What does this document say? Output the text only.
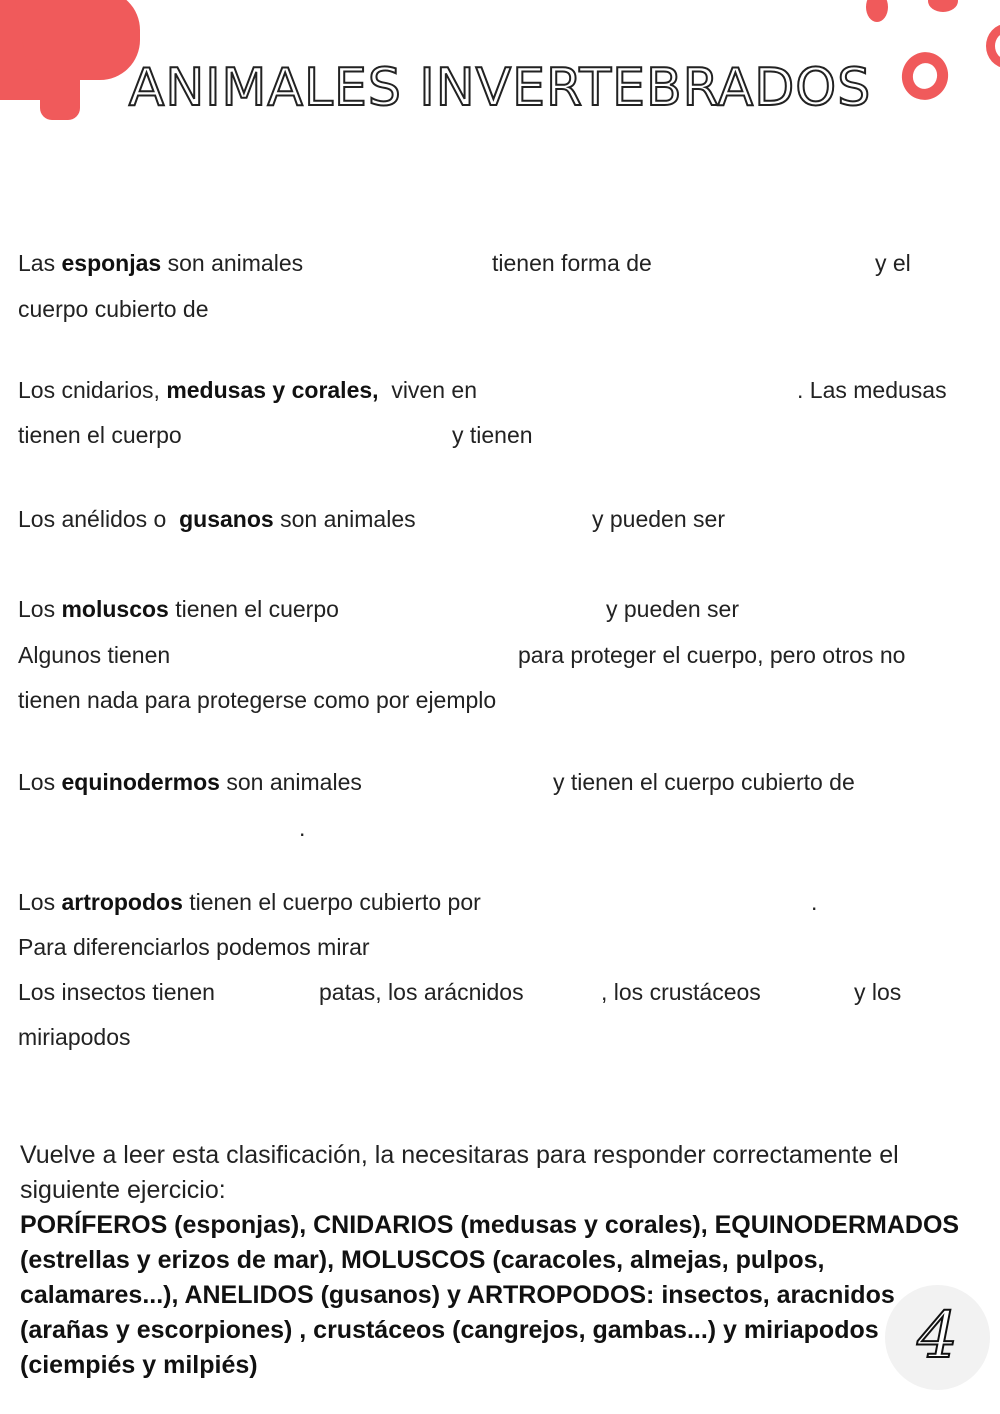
ANIMALES INVERTEBRADOS
Las esponjas son animales	tienen forma de	y el
cuerpo cubierto de
Los cnidarios, medusas y corales,  viven en	. Las medusas
tienen el cuerpo	y tienen
Los anélidos o  gusanos son animales	y pueden ser
Los moluscos tienen el cuerpo	y pueden ser
Algunos tienen	para proteger el cuerpo, pero otros no
tienen nada para protegerse como por ejemplo
Los equinodermos son animales	y tienen el cuerpo cubierto de
.
Los artropodos tienen el cuerpo cubierto por	.
Para diferenciarlos podemos mirar
Los insectos tienen	patas, los arácnidos	, los crustáceos	y los
miriapodos
Vuelve a leer esta clasificación, la necesitaras para responder correctamente el siguiente ejercicio:
PORÍFEROS (esponjas), CNIDARIOS (medusas y corales), EQUINODERMADOS
(estrellas y erizos de mar), MOLUSCOS (caracoles, almejas, pulpos,
calamares...), ANELIDOS (gusanos) y ARTROPODOS: insectos, aracnidos
(arañas y escorpiones) , crustáceos (cangrejos, gambas...) y miriapodos
(ciempiés y milpiés)	4
